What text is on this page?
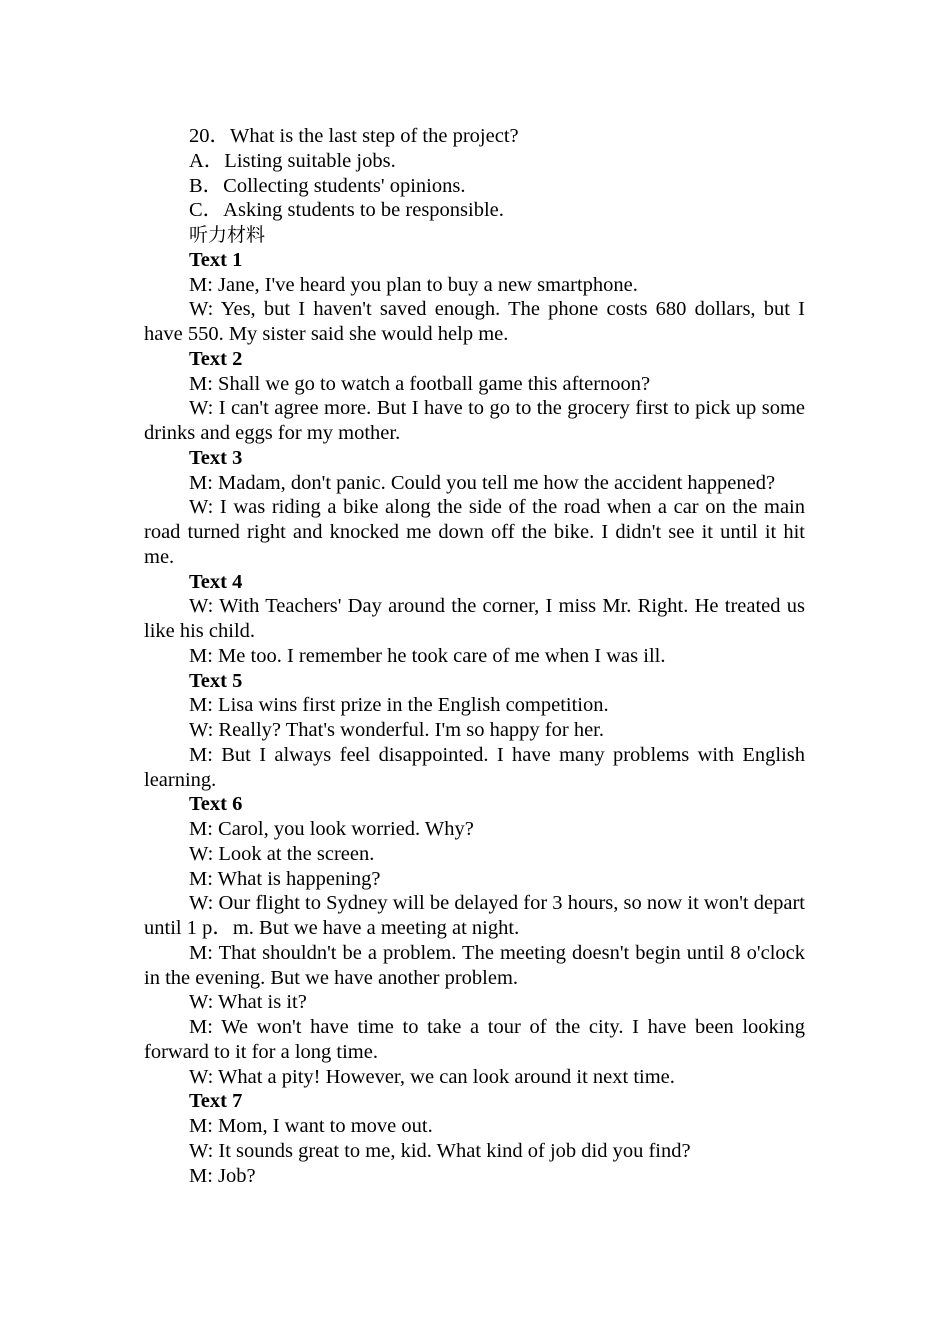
20．What is the last step of the project?

A．Listing suitable jobs.

B．Collecting students' opinions.

C．Asking students to be responsible.

听力材料

Text 1

M: Jane, I've heard you plan to buy a new smartphone.

W: Yes, but I haven't saved enough. The phone costs 680 dollars, but I have 550. My sister said she would help me.

Text 2

M: Shall we go to watch a football game this afternoon?

W: I can't agree more. But I have to go to the grocery first to pick up some drinks and eggs for my mother.

Text 3

M: Madam, don't panic. Could you tell me how the accident happened?

W: I was riding a bike along the side of the road when a car on the main road turned right and knocked me down off the bike. I didn't see it until it hit me.

Text 4

W: With Teachers' Day around the corner, I miss Mr. Right. He treated us like his child.

M: Me too. I remember he took care of me when I was ill.

Text 5

M: Lisa wins first prize in the English competition.

W: Really? That's wonderful. I'm so happy for her.

M: But I always feel disappointed. I have many problems with English learning.

Text 6

M: Carol, you look worried. Why?

W: Look at the screen.

M: What is happening?

W: Our flight to Sydney will be delayed for 3 hours, so now it won't depart until 1 p．m. But we have a meeting at night.

M: That shouldn't be a problem. The meeting doesn't begin until 8 o'clock in the evening. But we have another problem.

W: What is it?

M: We won't have time to take a tour of the city. I have been looking forward to it for a long time.

W: What a pity! However, we can look around it next time.

Text 7

M: Mom, I want to move out.

W: It sounds great to me, kid. What kind of job did you find?

M: Job?
